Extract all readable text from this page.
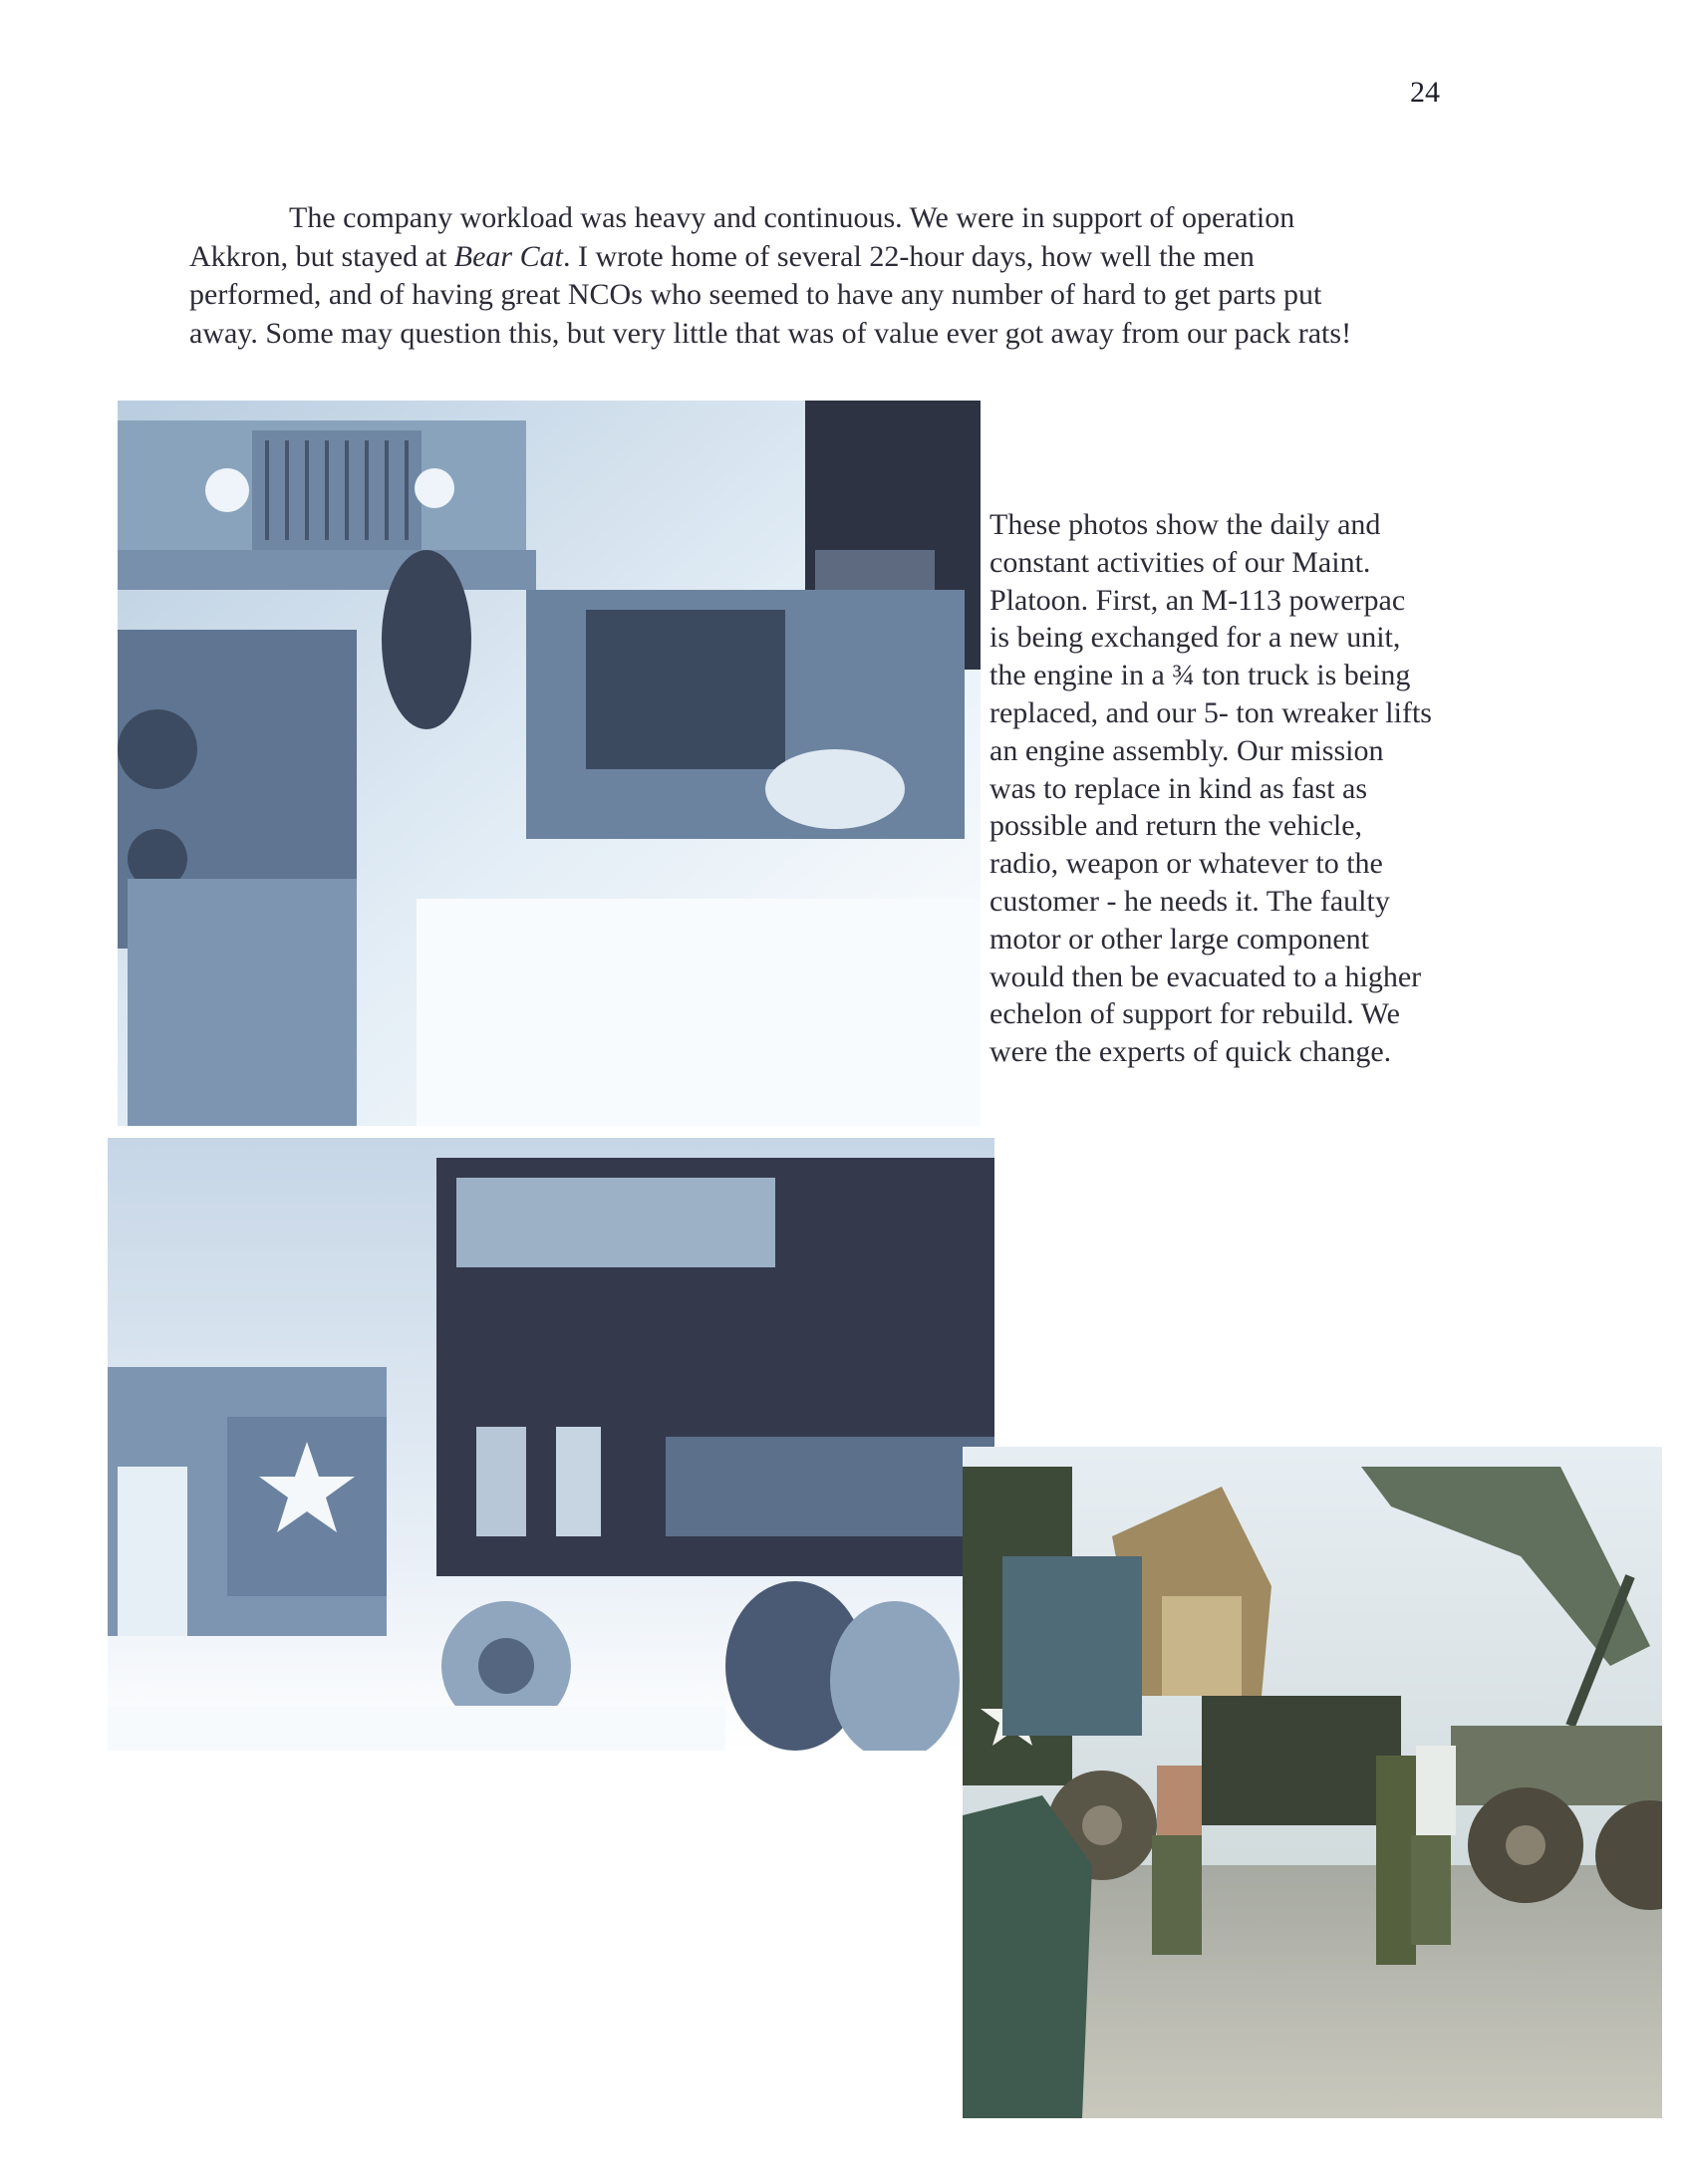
24
The company workload was heavy and continuous. We were in support of operation
Akkron, but stayed at Bear Cat. I wrote home of several 22-hour days, how well the men
performed, and of having great NCOs who seemed to have any number of hard to get parts put
away. Some may question this, but very little that was of value ever got away from our pack rats!
These photos show the daily and
constant activities of our Maint.
Platoon. First, an M-113 powerpac
is being exchanged for a new unit,
the engine in a ¾ ton truck is being
replaced, and our 5- ton wreaker lifts
an engine assembly. Our mission
was to replace in kind as fast as
possible and return the vehicle,
radio, weapon or whatever to the
customer - he needs it. The faulty
motor or other large component
would then be evacuated to a higher
echelon of support for rebuild. We
were the experts of quick change.
